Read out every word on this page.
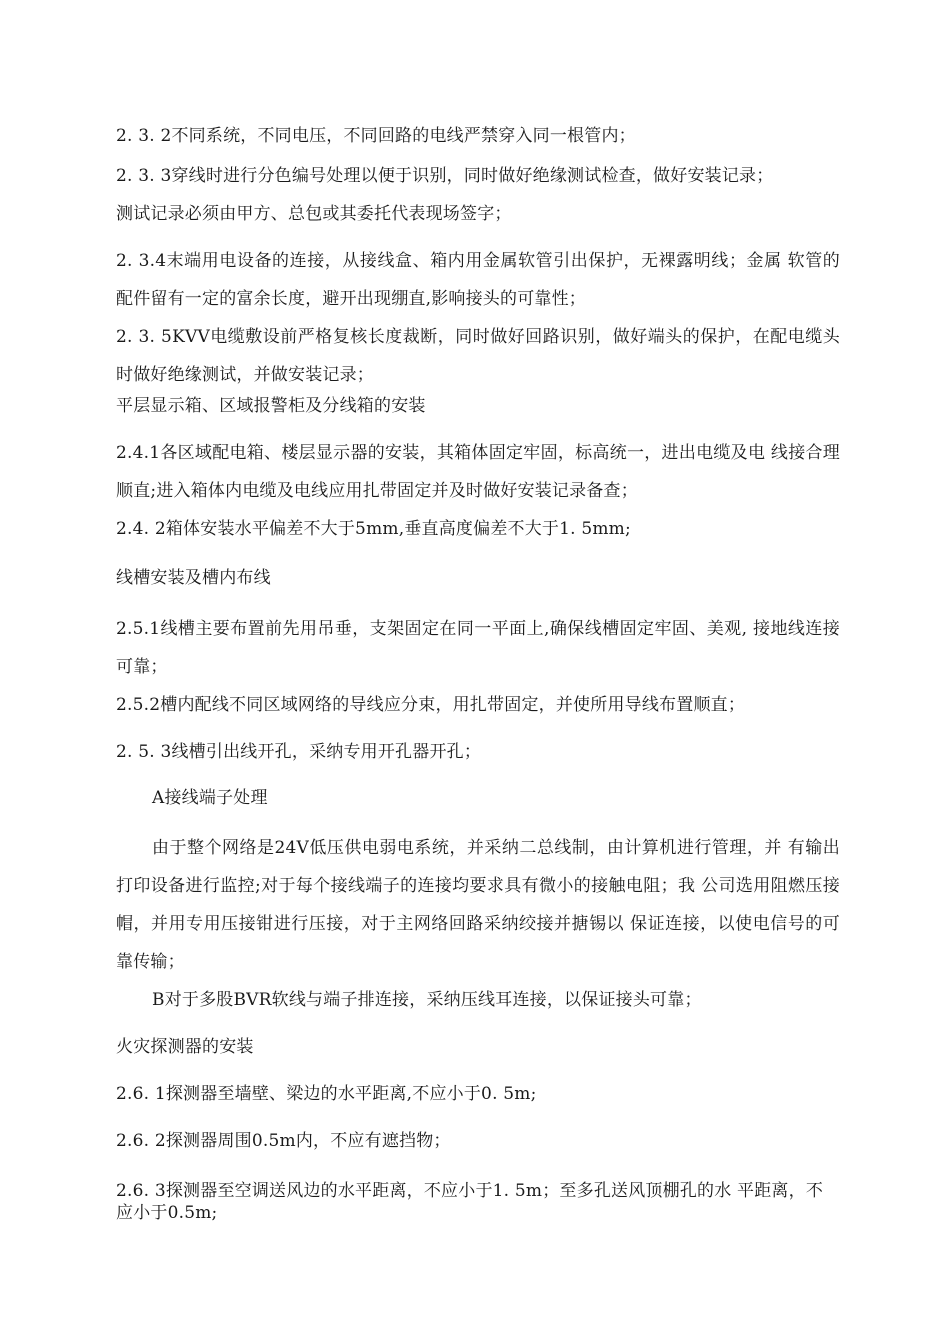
2. 3. 2不同系统，不同电压，不同回路的电线严禁穿入同一根管内；
2. 3. 3穿线时进行分色编号处理以便于识别，同时做好绝缘测试检查，做好安装记录；
测试记录必须由甲方、总包或其委托代表现场签字；
2. 3.4末端用电设备的连接，从接线盒、箱内用金属软管引出保护，无裸露明线；金属 软管的配件留有一定的富余长度，避开出现绷直,影响接头的可靠性；
2. 3. 5KVV电缆敷设前严格复核长度裁断，同时做好回路识别，做好端头的保护，在配电缆头时做好绝缘测试，并做安装记录；
平层显示箱、区域报警柜及分线箱的安装
2.4.1各区域配电箱、楼层显示器的安装，其箱体固定牢固，标高统一，进出电缆及电 线接合理顺直;进入箱体内电缆及电线应用扎带固定并及时做好安装记录备查；
2.4. 2箱体安装水平偏差不大于5mm,垂直高度偏差不大于1. 5mm;
线槽安装及槽内布线
2.5.1线槽主要布置前先用吊垂，支架固定在同一平面上,确保线槽固定牢固、美观, 接地线连接可靠；
2.5.2槽内配线不同区域网络的导线应分束，用扎带固定，并使所用导线布置顺直；
2. 5. 3线槽引出线开孔，采纳专用开孔器开孔；
A接线端子处理
由于整个网络是24V低压供电弱电系统，并采纳二总线制，由计算机进行管理，并 有输出打印设备进行监控;对于每个接线端子的连接均要求具有微小的接触电阻；我 公司选用阻燃压接帽，并用专用压接钳进行压接，对于主网络回路采纳绞接并搪锡以 保证连接，以使电信号的可靠传输；
B对于多股BVR软线与端子排连接，采纳压线耳连接，以保证接头可靠；
火灾探测器的安装
2.6. 1探测器至墙壁、梁边的水平距离,不应小于0. 5m;
2.6. 2探测器周围0.5m内，不应有遮挡物；
2.6. 3探测器至空调送风边的水平距离，不应小于1. 5m；至多孔送风顶棚孔的水 平距离，不应小于0.5m;
